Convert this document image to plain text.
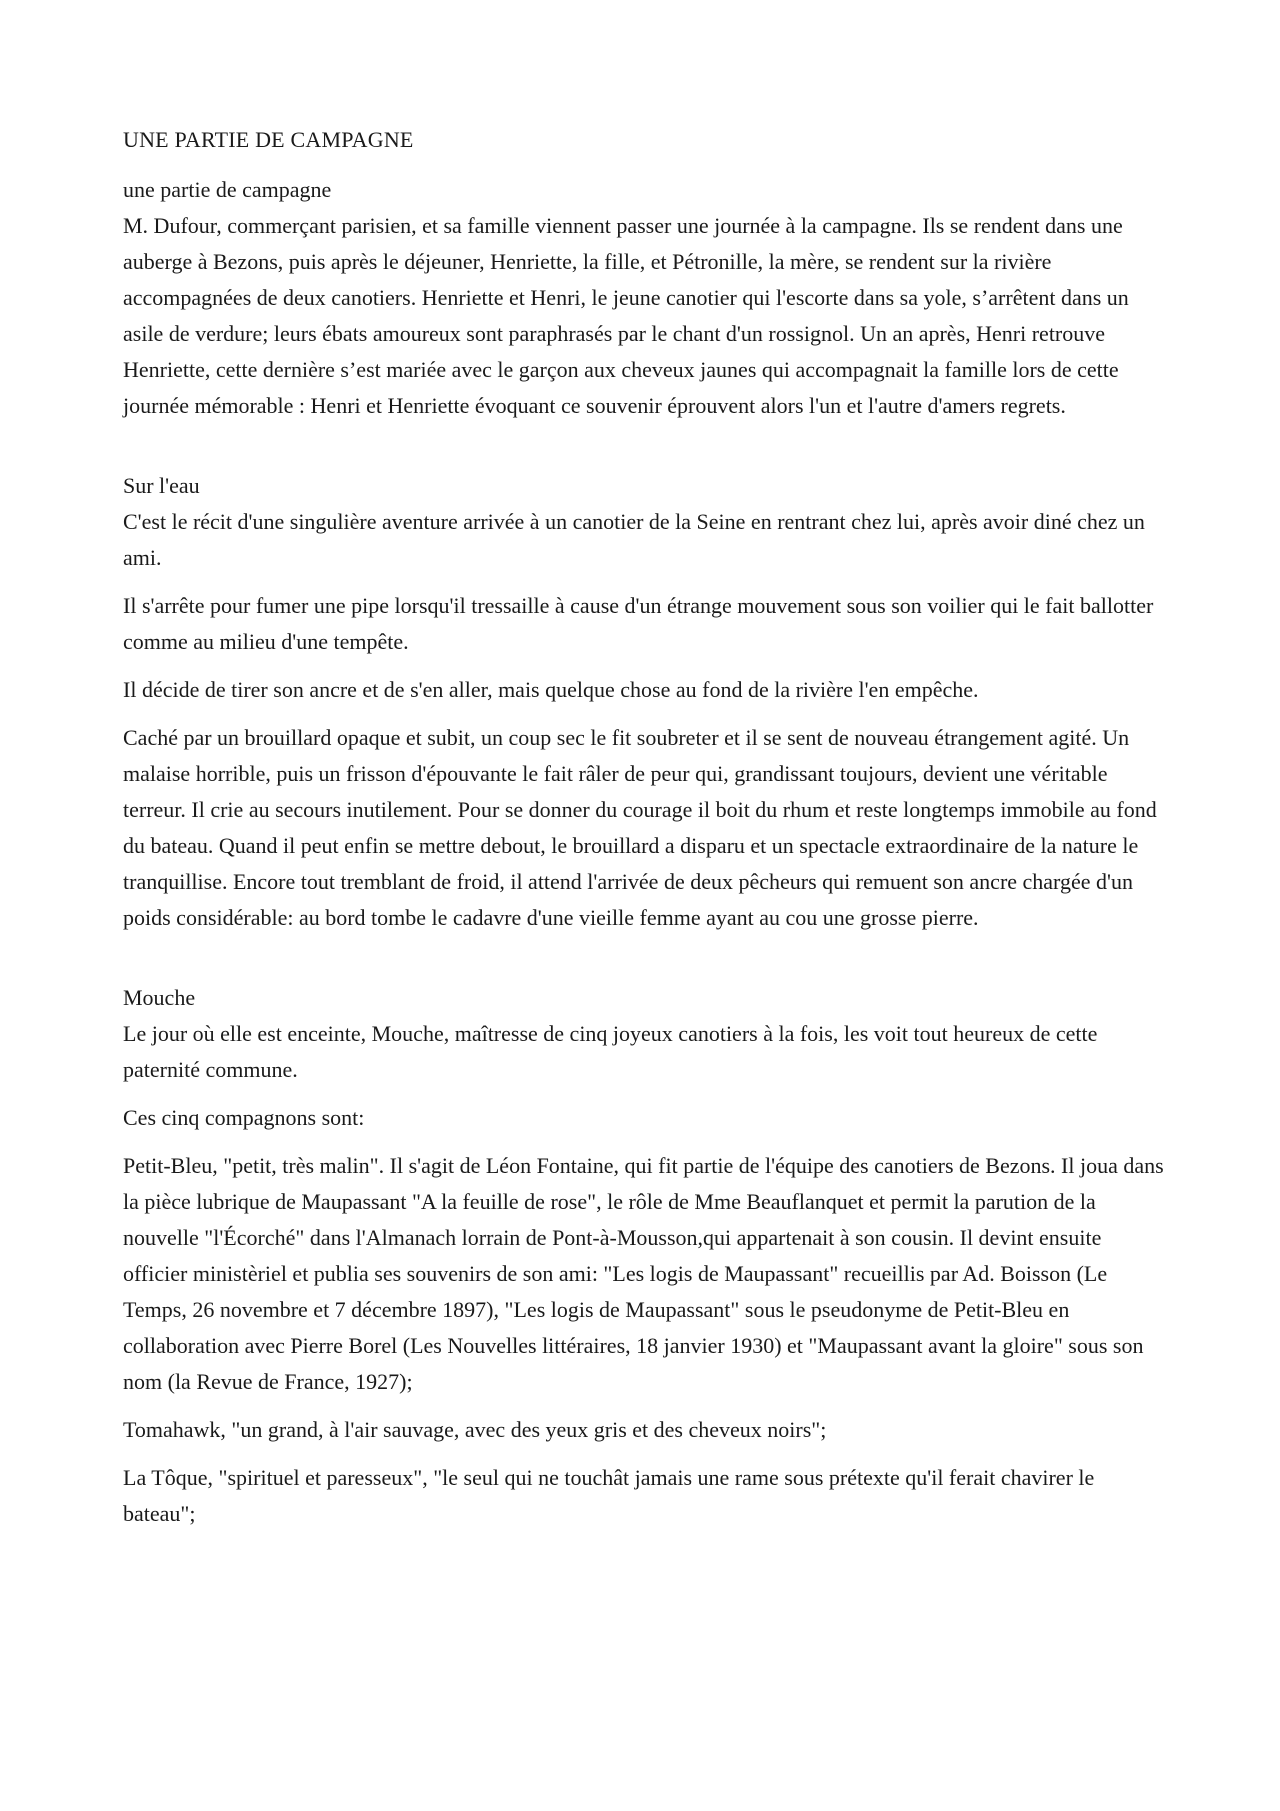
UNE PARTIE DE CAMPAGNE
une partie de campagne

M. Dufour, commerçant parisien, et sa famille viennent passer une journée à la campagne. Ils se rendent dans une auberge à Bezons, puis après le déjeuner, Henriette, la fille, et Pétronille, la mère, se rendent sur la rivière accompagnées de deux canotiers. Henriette et Henri, le jeune canotier qui l'escorte dans sa yole, s’arrêtent dans un asile de verdure; leurs ébats amoureux sont paraphrasés par le chant d'un rossignol. Un an après, Henri retrouve Henriette, cette dernière s’est mariée avec le garçon aux cheveux jaunes qui accompagnait la famille lors de cette journée mémorable : Henri et Henriette évoquant ce souvenir éprouvent alors l'un et l'autre d'amers regrets.

Sur l'eau

C'est le récit d'une singulière aventure arrivée à un canotier de la Seine en rentrant chez lui, après avoir diné chez un ami.

Il s'arrête pour fumer une pipe lorsqu'il tressaille à cause d'un étrange mouvement sous son voilier qui le fait ballotter comme au milieu d'une tempête.

Il décide de tirer son ancre et de s'en aller, mais quelque chose au fond de la rivière l'en empêche.

Caché par un brouillard opaque et subit, un coup sec le fit soubreter et il se sent de nouveau étrangement agité. Un malaise horrible, puis un frisson d'épouvante le fait râler de peur qui, grandissant toujours, devient une véritable terreur. Il crie au secours inutilement. Pour se donner du courage il boit du rhum et reste longtemps immobile au fond du bateau. Quand il peut enfin se mettre debout, le brouillard a disparu et un spectacle extraordinaire de la nature le tranquillise. Encore tout tremblant de froid, il attend l'arrivée de deux pêcheurs qui remuent son ancre chargée d'un poids considérable: au bord tombe le cadavre d'une vieille femme ayant au cou une grosse pierre.

Mouche

Le jour où elle est enceinte, Mouche, maîtresse de cinq joyeux canotiers à la fois, les voit tout heureux de cette paternité commune.

Ces cinq compagnons sont:

Petit-Bleu, "petit, très malin". Il s'agit de Léon Fontaine, qui fit partie de l'équipe des canotiers de Bezons. Il joua dans la pièce lubrique de Maupassant "A la feuille de rose", le rôle de Mme Beauflanquet et permit la parution de la nouvelle "l'Écorché" dans l'Almanach lorrain de Pont-à-Mousson,qui appartenait à son cousin. Il devint ensuite officier ministèriel et publia ses souvenirs de son ami: "Les logis de Maupassant" recueillis par Ad. Boisson (Le Temps, 26 novembre et 7 décembre 1897), "Les logis de Maupassant" sous le pseudonyme de Petit-Bleu en collaboration avec Pierre Borel (Les Nouvelles littéraires, 18 janvier 1930) et "Maupassant avant la gloire" sous son nom (la Revue de France, 1927);

Tomahawk, "un grand, à l'air sauvage, avec des yeux gris et des cheveux noirs";

La Tôque, "spirituel et paresseux", "le seul qui ne touchât jamais une rame sous prétexte qu'il ferait chavirer le bateau";
